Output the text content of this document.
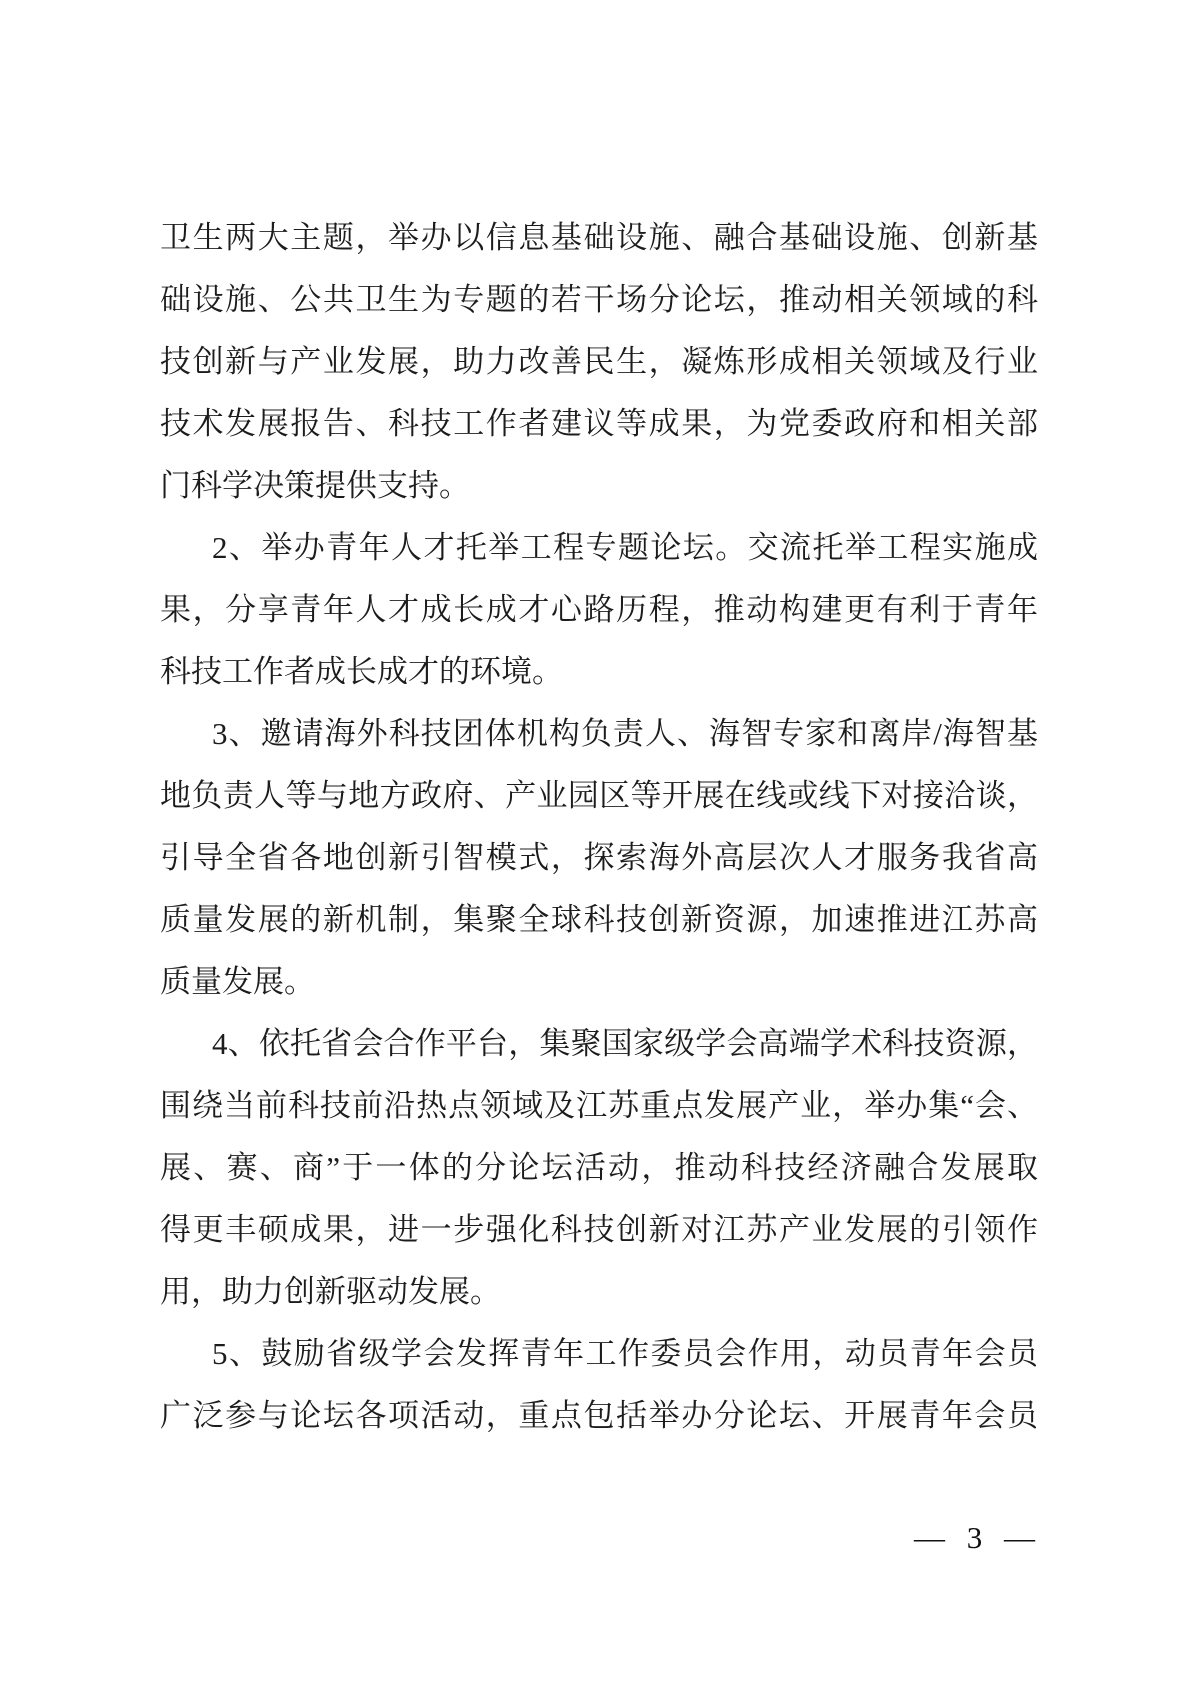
卫生两大主题，举办以信息基础设施、融合基础设施、创新基
础设施、公共卫生为专题的若干场分论坛，推动相关领域的科
技创新与产业发展，助力改善民生，凝炼形成相关领域及行业
技术发展报告、科技工作者建议等成果，为党委政府和相关部
门科学决策提供支持。
2、举办青年人才托举工程专题论坛。交流托举工程实施成
果，分享青年人才成长成才心路历程，推动构建更有利于青年
科技工作者成长成才的环境。
3、邀请海外科技团体机构负责人、海智专家和离岸/海智基
地负责人等与地方政府、产业园区等开展在线或线下对接洽谈，
引导全省各地创新引智模式，探索海外高层次人才服务我省高
质量发展的新机制，集聚全球科技创新资源，加速推进江苏高
质量发展。
4、依托省会合作平台，集聚国家级学会高端学术科技资源，
围绕当前科技前沿热点领域及江苏重点发展产业，举办集“会、
展、赛、商”于一体的分论坛活动，推动科技经济融合发展取
得更丰硕成果，进一步强化科技创新对江苏产业发展的引领作
用，助力创新驱动发展。
5、鼓励省级学会发挥青年工作委员会作用，动员青年会员
广泛参与论坛各项活动，重点包括举办分论坛、开展青年会员
— 3 —
